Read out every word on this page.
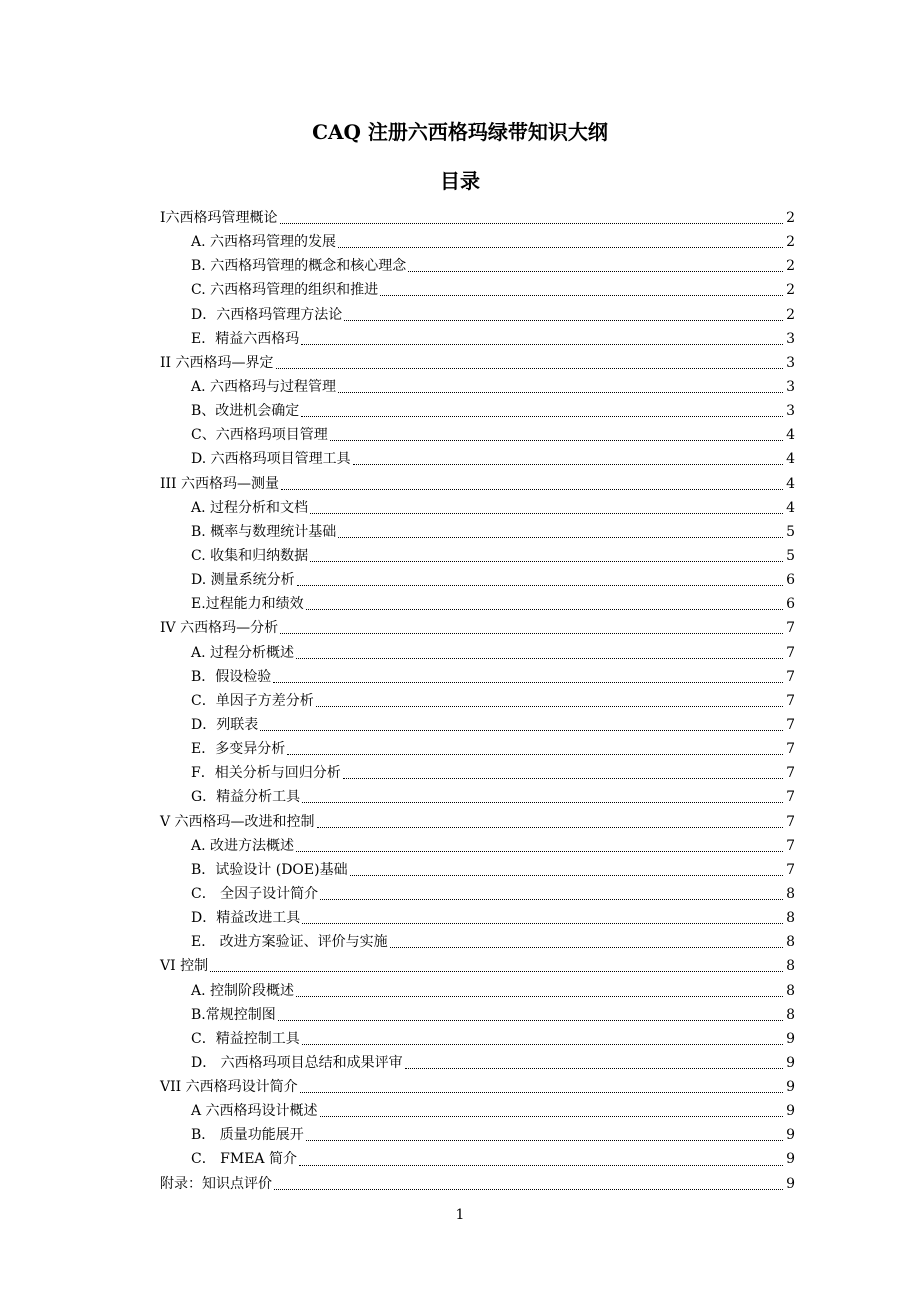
CAQ 注册六西格玛绿带知识大纲
目录
Ⅰ六西格玛管理概论	2
A. 六西格玛管理的发展	2
B. 六西格玛管理的概念和核心理念	2
C. 六西格玛管理的组织和推进	2
D．六西格玛管理方法论	2
E．精益六西格玛	3
II 六西格玛—界定	3
A. 六西格玛与过程管理	3
B、改进机会确定	3
C、六西格玛项目管理	4
D. 六西格玛项目管理工具	4
III 六西格玛—测量	4
A. 过程分析和文档	4
B. 概率与数理统计基础	5
C. 收集和归纳数据	5
D. 测量系统分析	6
E.过程能力和绩效	6
IV 六西格玛—分析	7
A. 过程分析概述	7
B．假设检验	7
C．单因子方差分析	7
D．列联表	7
E．多变异分析	7
F．相关分析与回归分析	7
G．精益分析工具	7
V 六西格玛—改进和控制	7
A. 改进方法概述	7
B．试验设计 (DOE)基础	7
C． 全因子设计简介	8
D．精益改进工具	8
E． 改进方案验证、评价与实施	8
VI 控制	8
A. 控制阶段概述	8
B.常规控制图	8
C．精益控制工具	9
D． 六西格玛项目总结和成果评审	9
VII 六西格玛设计简介	9
A 六西格玛设计概述	9
B． 质量功能展开	9
C． FMEA 简介	9
附录：知识点评价	9
1
